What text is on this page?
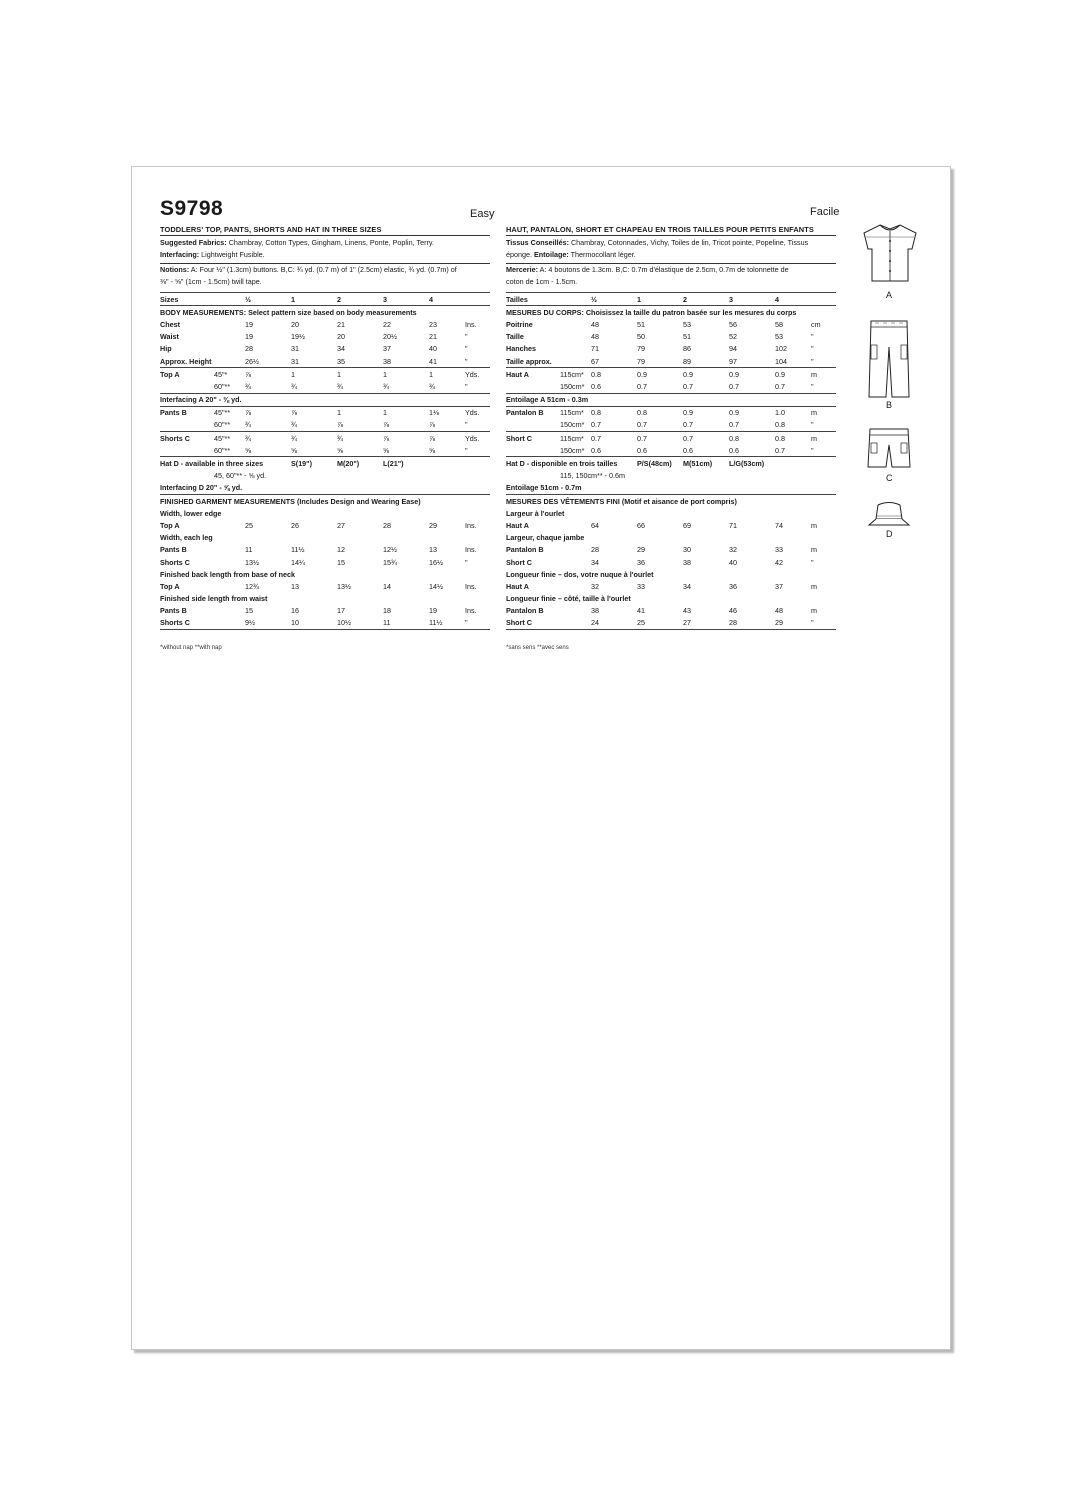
S9798	Easy	Facile
TODDLERS' TOP, PANTS, SHORTS AND HAT IN THREE SIZES	HAUT, PANTALON, SHORT ET CHAPEAU EN TROIS TAILLES POUR PETITS ENFANTS
Suggested Fabrics: Chambray, Cotton Types, Gingham, Linens, Ponte, Poplin, Terry.
Interfacing: Lightweight Fusible.
Notions: A: Four ½" (1.3cm) buttons. B,C: ¾ yd. (0.7 m) of 1" (2.5cm) elastic, ¾ yd. (0.7m) of
⅜" - ⅝" (1cm - 1.5cm) twill tape.
Tissus Conseillés: Chambray, Cotonnades, Vichy, Toiles de lin, Tricot pointe, Popeline, Tissus
éponge. Entoilage: Thermocollant léger.
Mercerie: A: 4 boutons de 1.3cm. B,C: 0.7m d'élastique de 2.5cm, 0.7m de tolonnette de
coton de 1cm - 1.5cm.
Sizes		½	1	2	3	4	
BODY MEASUREMENTS: Select pattern size based on body measurements							
Chest		19	20	21	22	23	Ins.
Waist		19	19½	20	20½	21	"
Hip		28	31	34	37	40	"
Approx. Height		26½	31	35	38	41	"
Top A	45"*	⅞	1	1	1	1	Yds.
	60"**	¾	¾	¾	¾	¾	"
Interfacing A 20" - ⅜ yd.							
Pants B	45"**	⅞	⅞	1	1	1⅛	Yds.
	60"**	¾	¾	⅞	⅞	⅞	"
Shorts C	45"**	¾	¾	¾	⅞	⅞	Yds.
	60"**	⅝	⅝	⅝	⅝	⅝	"
Hat D - available in three sizes			S(19")	M(20")	L(21")		
	45, 60"** - ⅝ yd.						
Interfacing D 20" - ⅝ yd.							
FINISHED GARMENT MEASUREMENTS (Includes Design and Wearing Ease)							
Width, lower edge							
Top A		25	26	27	28	29	Ins.
Width, each leg							
Pants B		11	11½	12	12½	13	Ins.
Shorts C		13½	14¼	15	15¾	16½	"
Finished back length from base of neck							
Top A		12¾	13	13½	14	14½	Ins.
Finished side length from waist							
Pants B		15	16	17	18	19	Ins.
Shorts C		9½	10	10½	11	11½	"

Tailles		½	1	2	3	4	
MESURES DU CORPS: Choisissez la taille du patron basée sur les mesures du corps							
Poitrine		48	51	53	56	58	cm
Taille		48	50	51	52	53	"
Hanches		71	79	86	94	102	"
Taille approx.		67	79	89	97	104	"
Haut A	115cm*	0.8	0.9	0.9	0.9	0.9	m
	150cm*	0.6	0.7	0.7	0.7	0.7	"
Entoilage A 51cm - 0.3m							
Pantalon B	115cm*	0.8	0.8	0.9	0.9	1.0	m
	150cm*	0.7	0.7	0.7	0.7	0.8	"
Short C	115cm*	0.7	0.7	0.7	0.8	0.8	m
	150cm*	0.6	0.6	0.6	0.6	0.7	"
Hat D - disponible en trois tailles			P/S(48cm)	M(51cm)	L/G(53cm)		
	115, 150cm** - 0.6m						
Entoilage 51cm - 0.7m							
MESURES DES VÊTEMENTS FINI (Motif et aisance de port compris)							
Largeur à l'ourlet							
Haut A		64	66	69	71	74	m
Largeur, chaque jambe							
Pantalon B		28	29	30	32	33	m
Short C		34	36	38	40	42	"
Longueur finie – dos, votre nuque à l'ourlet							
Haut A		32	33	34	36	37	m
Longueur finie – côté, taille à l'ourlet							
Pantalon B		38	41	43	46	48	m
Short C		24	25	27	28	29	"

*without nap **with nap	*sans sens **avec sens
A
B
C
D
